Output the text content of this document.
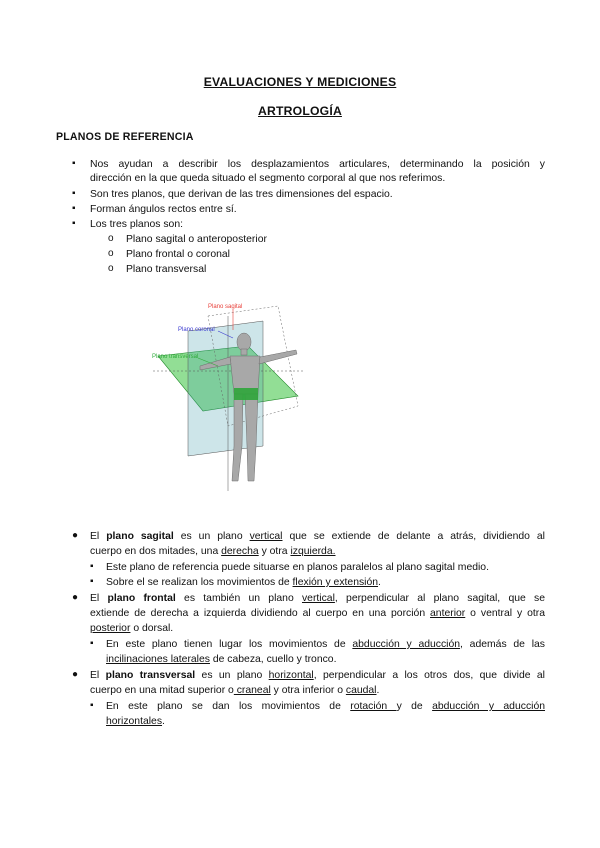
EVALUACIONES Y MEDICIONES
ARTROLOGÍA
PLANOS DE REFERENCIA
▪ Nos ayudan a describir los desplazamientos articulares, determinando la posición y
dirección en la que queda situado el segmento corporal al que nos referimos.
▪ Son tres planos, que derivan de las tres dimensiones del espacio.
▪ Forman ángulos rectos entre sí.
▪ Los tres planos son:
o Plano sagital o anteroposterior
o Plano frontal o coronal
o Plano transversal
Plano sagital
Plano coronal
Plano transversal
● El plano sagital es un plano vertical que se extiende de delante a atrás, dividiendo al
cuerpo en dos mitades, una derecha y otra izquierda.
▪ Este plano de referencia puede situarse en planos paralelos al plano sagital medio.
▪ Sobre el se realizan los movimientos de flexión y extensión.
● El plano frontal es también un plano vertical, perpendicular al plano sagital, que se
extiende de derecha a izquierda dividiendo al cuerpo en una porción anterior o ventral y otra
posterior o dorsal.
▪ En este plano tienen lugar los movimientos de abducción y aducción, además de las
incilinaciones laterales de cabeza, cuello y tronco.
● El plano transversal es un plano horizontal, perpendicular a los otros dos, que divide al
cuerpo en una mitad superior o craneal y otra inferior o caudal.
▪ En este plano se dan los movimientos de rotación y de abducción y aducción
horizontales.
